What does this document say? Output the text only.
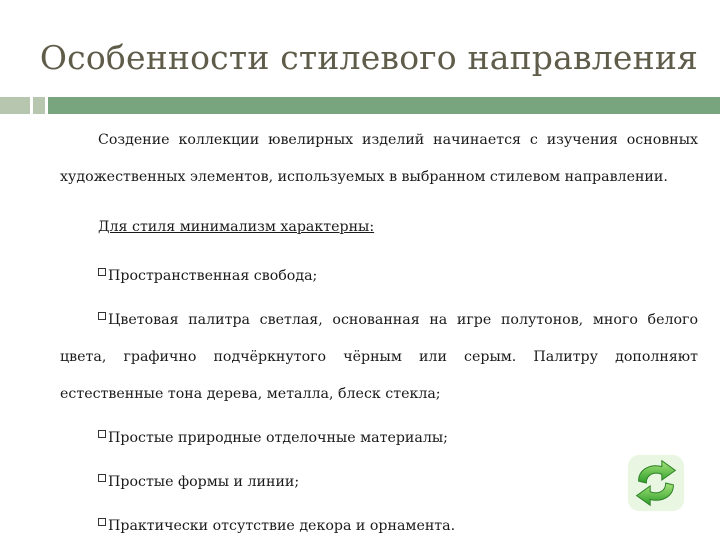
Особенности стилевого направления

Создение коллекции ювелирных изделий начинается с изучения основных художественных элементов, используемых в выбранном стилевом направлении.

Для стиля минимализм характерны:

Пространственная свобода;

Цветовая палитра светлая, основанная на игре полутонов, много белого цвета, графично подчёркнутого чёрным или серым. Палитру дополняют естественные тона дерева, металла, блеск стекла;

Простые природные отделочные материалы;

Простые формы и линии;

Практически отсутствие декора и орнамента.
